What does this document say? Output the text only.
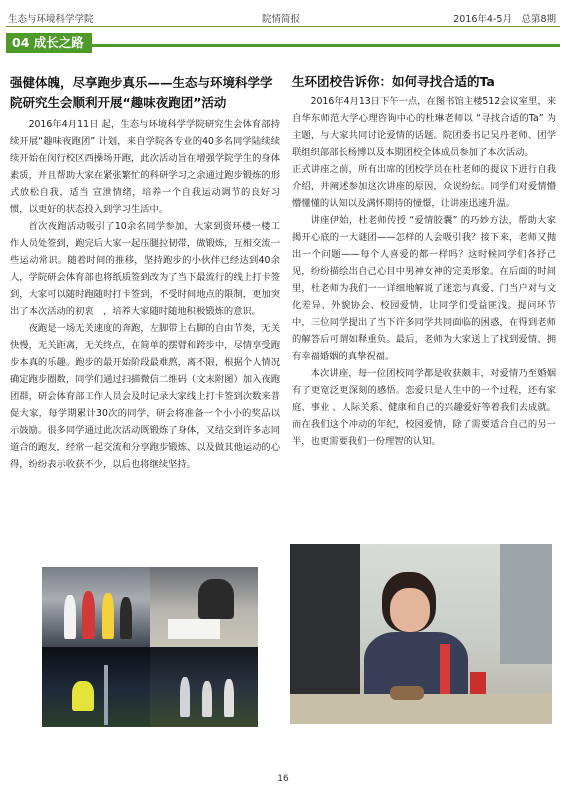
生态与环境科学学院	院情简报	2016年4-5月　总第8期
04 成长之路
强健体魄，尽享跑步真乐——生态与环境科学学院研究生会顺利开展“趣味夜跑团”活动

2016年4月11日 起，生态与环境科学学院研究生会体育部持续开展“趣味夜跑团” 计划，来自学院各专业的40多名同学陆续续续开始在闵行校区西操场开跑，此次活动旨在增强学院学生的身体素质，并且帮助大家在紧张繁忙的科研学习之余通过跑步锻炼的形式放松自我，适当 宣泄情绪，培养一个自我运动调节的良好习惯，以更好的状态投入到学习生活中。

首次夜跑活动吸引了10余名同学参加，大家到资环楼一楼工作人员处签到，跑完后大家一起压腿拉韧带，做锻炼，互相交流一些运动常识。随着时间的推移，坚持跑步的小伙伴已经达到40余人，学院研会体育部也将纸质签到改为了当下最流行的线上打卡签到，大家可以随时跑随时打卡签到，不受时间地点的限制，更加突出了本次活动的初衷　，培养大家随时随地积极锻炼的意识。

夜跑是一场无关速度的奔跑，左脚带上右脚的自由节奏，无关快慢，无关距离，无关终点，在简单的摆臂和跨步中，尽情享受跑步本真的乐趣。跑步的最开始阶段最难熬，离不限，根据个人情况确定跑步圈数，同学们通过扫描微信二维码（文末附图）加入夜跑团群，研会体育部工作人员会及时记录大家线上打卡签到次数来普促大家，每学期累计30次的同学，研会将准备一个小小的奖品以示鼓励。很多同学通过此次活动既锻炼了身体，又结交到许多志同道合的跑友，经常一起交流和分享跑步锻炼、以及做其他运动的心得，纷纷表示收获不少，以后也将继续坚持。

生环团校告诉你：如何寻找合适的Ta

2016年4月13日下午一点，在图书馆主楼512会议室里，来自华东师范大学心理咨询中心的杜琳老师以 “寻找合适的Ta” 为主题，与大家共同讨论爱情的话题。院团委书记吴丹老师、团学联组织部部长杨博以及本期团校全体成员参加了本次活动。

正式讲座之前，所有出席的团校学员在杜老师的提议下进行自我介绍，并阐述参加这次讲座的原因，众说纷纭。同学们对爱情懵懵懂懂的认知以及满怀期待的憧憬，让讲座迅速升温。

讲座伊始，杜老师传授 “爱情胶囊” 的巧妙方法，帮助大家揭开心底的一大谜团——怎样的人会吸引我？接下来，老师又抛出一个问题——每个人喜爱的都一样吗？这时候同学们各抒己见，纷纷描绘出自己心目中男神女神的完美形象。在后面的时间里，杜老师为我们一一详细地解说了迷恋与真爱、门当户对与文化差异、外貌协会、校园爱情，让同学们受益匪浅。提问环节中，三位同学提出了当下许多同学共同面临的困惑，在得到老师的解答后可谓如释重负。最后，老师为大家送上了找到爱情、拥有幸福婚姻的真挚祝福。

本次讲座，每一位团校同学都是收获颇丰，对爱情乃至婚姻有了更宽泛更深刻的感悟。恋爱只是人生中的一个过程，还有家庭、事业 、人际关系、健康和自己的兴趣爱好等着我们去成就。而在我们这个冲动的年纪，校园爱情，除了需要适合自己的另一半，也更需要我们一份理智的认知。

16
